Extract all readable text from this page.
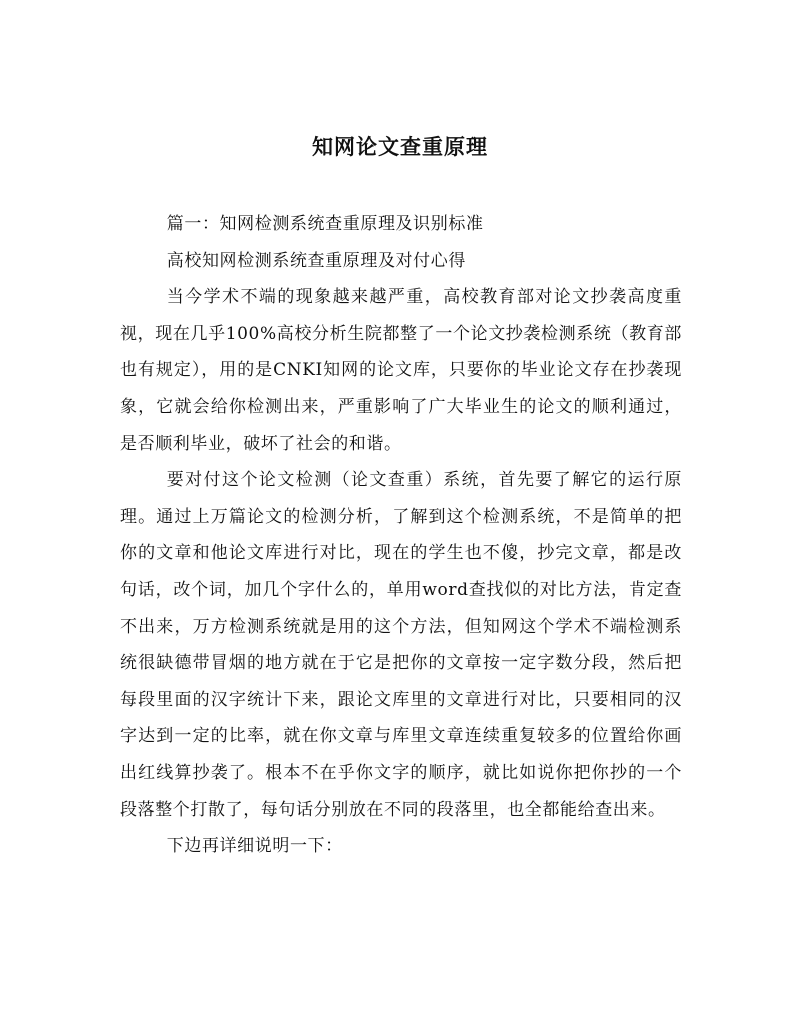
知网论文查重原理

篇一：知网检测系统查重原理及识别标准

高校知网检测系统查重原理及对付心得

当今学术不端的现象越来越严重，高校教育部对论文抄袭高度重视，现在几乎100%高校分析生院都整了一个论文抄袭检测系统（教育部也有规定），用的是CNKI知网的论文库，只要你的毕业论文存在抄袭现象，它就会给你检测出来，严重影响了广大毕业生的论文的顺利通过，是否顺利毕业，破坏了社会的和谐。

要对付这个论文检测（论文查重）系统，首先要了解它的运行原理。通过上万篇论文的检测分析，了解到这个检测系统，不是简单的把你的文章和他论文库进行对比，现在的学生也不傻，抄完文章，都是改句话，改个词，加几个字什么的，单用word查找似的对比方法，肯定查不出来，万方检测系统就是用的这个方法，但知网这个学术不端检测系统很缺德带冒烟的地方就在于它是把你的文章按一定字数分段，然后把每段里面的汉字统计下来，跟论文库里的文章进行对比，只要相同的汉字达到一定的比率，就在你文章与库里文章连续重复较多的位置给你画出红线算抄袭了。根本不在乎你文字的顺序，就比如说你把你抄的一个段落整个打散了，每句话分别放在不同的段落里，也全都能给查出来。

下边再详细说明一下：
